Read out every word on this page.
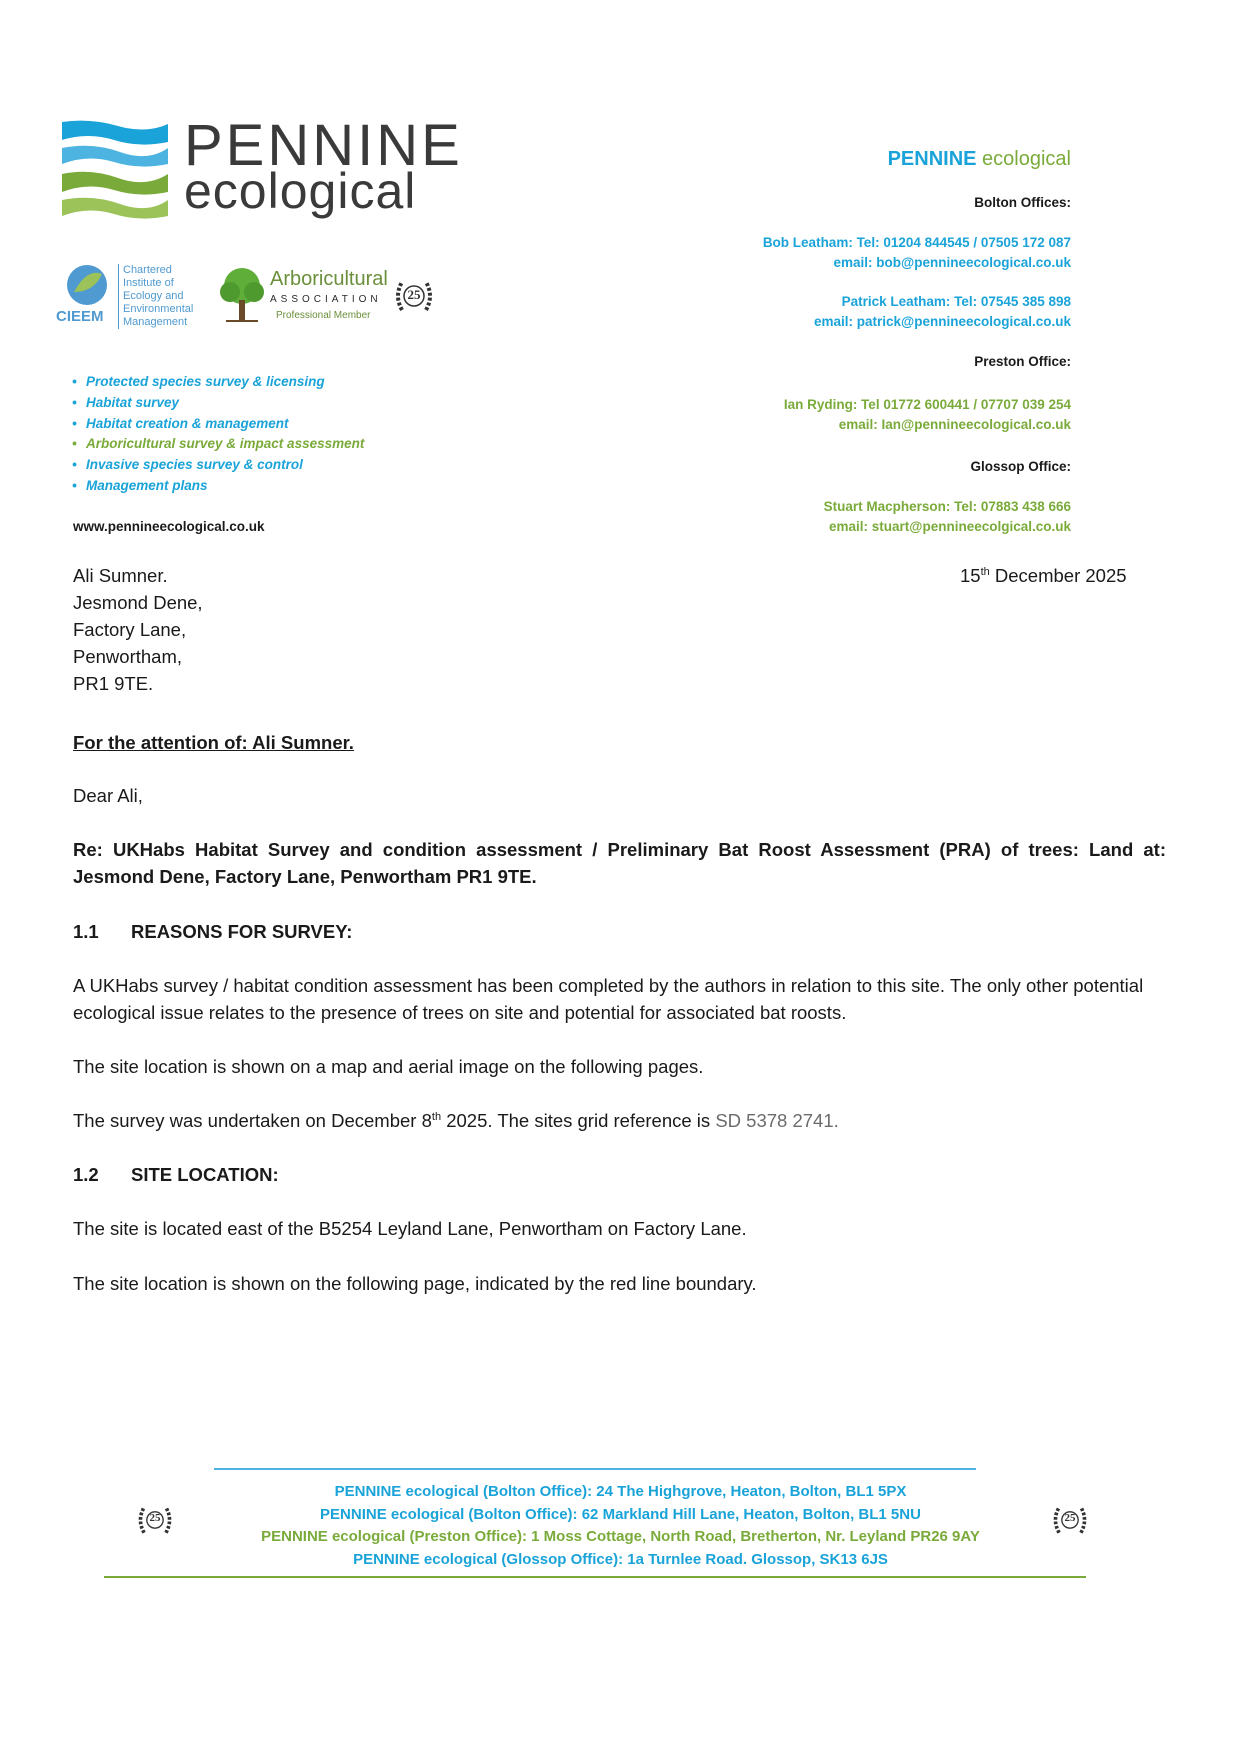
PENNINE
ecological
Chartered
Institute of
Ecology and
Environmental
Management
CIEEM
Arboricultural
ASSOCIATION
Professional Member
25
• Protected species survey & licensing
• Habitat survey
• Habitat creation & management
• Arboricultural survey & impact assessment
• Invasive species survey & control
• Management plans
www.pennineecological.co.uk
PENNINE ecological
Bolton Offices:
Bob Leatham: Tel: 01204 844545 / 07505 172 087
email: bob@pennineecological.co.uk
Patrick Leatham: Tel: 07545 385 898
email: patrick@pennineecological.co.uk
Preston Office:
Ian Ryding: Tel 01772 600441 / 07707 039 254
email: Ian@pennineecological.co.uk
Glossop Office:
Stuart Macpherson: Tel: 07883 438 666
email: stuart@pennineecolgical.co.uk
Ali Sumner.
Jesmond Dene,
Factory Lane,
Penwortham,
PR1 9TE.
15th December 2025
For the attention of: Ali Sumner.
Dear Ali,
Re: UKHabs Habitat Survey and condition assessment / Preliminary Bat Roost Assessment (PRA) of trees: Land at: Jesmond Dene, Factory Lane, Penwortham PR1 9TE.
1.1 REASONS FOR SURVEY:
A UKHabs survey / habitat condition assessment has been completed by the authors in relation to this site. The only other potential ecological issue relates to the presence of trees on site and potential for associated bat roosts.
The site location is shown on a map and aerial image on the following pages.
The survey was undertaken on December 8th 2025. The sites grid reference is SD 5378 2741.
1.2 SITE LOCATION:
The site is located east of the B5254 Leyland Lane, Penwortham on Factory Lane.
The site location is shown on the following page, indicated by the red line boundary.
PENNINE ecological (Bolton Office): 24 The Highgrove, Heaton, Bolton, BL1 5PX
PENNINE ecological (Bolton Office): 62 Markland Hill Lane, Heaton, Bolton, BL1 5NU
PENNINE ecological (Preston Office): 1 Moss Cottage, North Road, Bretherton, Nr. Leyland PR26 9AY
PENNINE ecological (Glossop Office): 1a Turnlee Road. Glossop, SK13 6JS
25	25
